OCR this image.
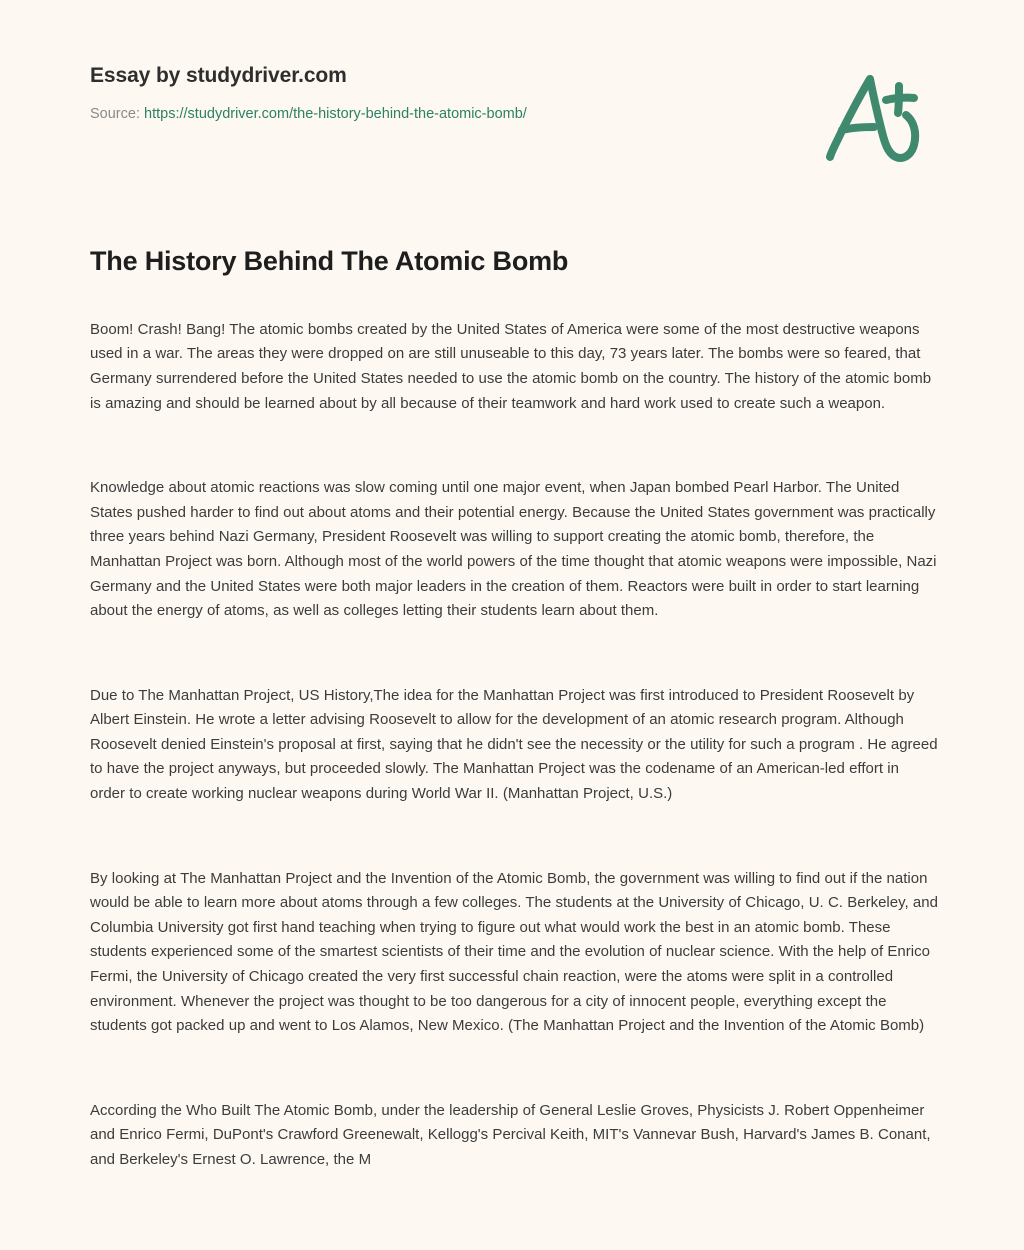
Essay by studydriver.com
Source: https://studydriver.com/the-history-behind-the-atomic-bomb/
The History Behind The Atomic Bomb

Boom! Crash! Bang! The atomic bombs created by the United States of America were some of the most destructive weapons used in a war. The areas they were dropped on are still unuseable to this day, 73 years later. The bombs were so feared, that Germany surrendered before the United States needed to use the atomic bomb on the country. The history of the atomic bomb is amazing and should be learned about by all because of their teamwork and hard work used to create such a weapon.

Knowledge about atomic reactions was slow coming until one major event, when Japan bombed Pearl Harbor. The United States pushed harder to find out about atoms and their potential energy. Because the United States government was practically three years behind Nazi Germany, President Roosevelt was willing to support creating the atomic bomb, therefore, the Manhattan Project was born. Although most of the world powers of the time thought that atomic weapons were impossible, Nazi Germany and the United States were both major leaders in the creation of them. Reactors were built in order to start learning about the energy of atoms, as well as colleges letting their students learn about them.

Due to The Manhattan Project, US History,The idea for the Manhattan Project was first introduced to President Roosevelt by Albert Einstein. He wrote a letter advising Roosevelt to allow for the development of an atomic research program. Although Roosevelt denied Einstein's proposal at first, saying that he didn't see the necessity or the utility for such a program . He agreed to have the project anyways, but proceeded slowly. The Manhattan Project was the codename of an American-led effort in order to create working nuclear weapons during World War II. (Manhattan Project, U.S.)

By looking at The Manhattan Project and the Invention of the Atomic Bomb, the government was willing to find out if the nation would be able to learn more about atoms through a few colleges. The students at the University of Chicago, U. C. Berkeley, and Columbia University got first hand teaching when trying to figure out what would work the best in an atomic bomb. These students experienced some of the smartest scientists of their time and the evolution of nuclear science. With the help of Enrico Fermi, the University of Chicago created the very first successful chain reaction, were the atoms were split in a controlled environment. Whenever the project was thought to be too dangerous for a city of innocent people, everything except the students got packed up and went to Los Alamos, New Mexico. (The Manhattan Project and the Invention of the Atomic Bomb)

According the Who Built The Atomic Bomb, under the leadership of General Leslie Groves, Physicists J. Robert Oppenheimer and Enrico Fermi, DuPont's Crawford Greenewalt, Kellogg's Percival Keith, MIT's Vannevar Bush, Harvard's James B. Conant, and Berkeley's Ernest O. Lawrence, the M
